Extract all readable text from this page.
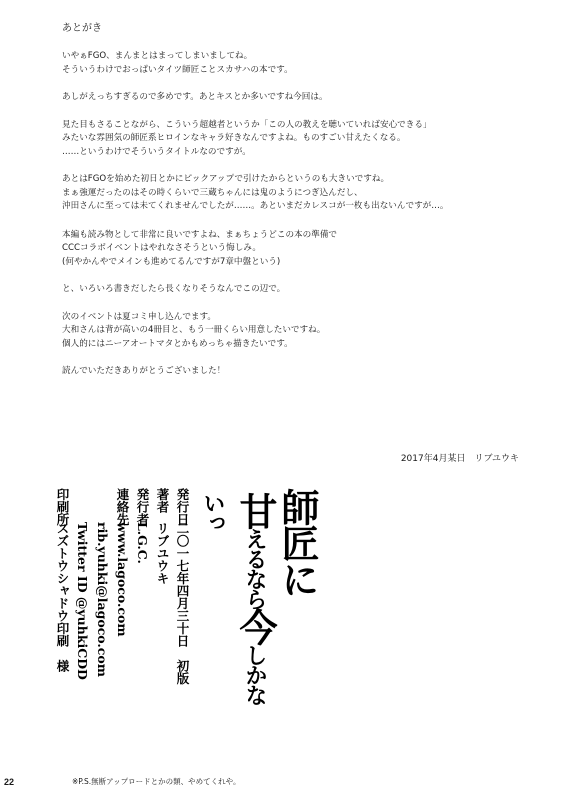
あとがき
いやぁFGO、まんまとはまってしまいましてね。
そういうわけでおっぱいタイツ師匠ことスカサハの本です。
あしがえっちすぎるので多めです。あとキスとか多いですね今回は。
見た目もさることながら、こういう超越者というか「この人の教えを聴いていれば安心できる」
みたいな雰囲気の師匠系ヒロインなキャラ好きなんですよね。ものすごい甘えたくなる。
……というわけでそういうタイトルなのですが。
あとはFGOを始めた初日とかにピックアップで引けたからというのも大きいですね。
まぁ強運だったのはその時くらいで三蔵ちゃんには鬼のようにつぎ込んだし、
沖田さんに至っては未てくれませんでしたが……。あといまだカレスコが一枚も出ないんですが…。
本編も読み物として非常に良いですよね、まぁちょうどこの本の準備で
CCCコラボイベントはやれなさそうという悔しみ。
(何やかんやでメインも進めてるんですが7章中盤という)
と、いろいろ書きだしたら長くなりそうなんでこの辺で。
次のイベントは夏コミ申し込んでます。
大和さんは背が高いの4冊目と、もう一冊くらい用意したいですね。
個人的にはニーアオートマタとかもめっちゃ描きたいです。
読んでいただきありがとうございました！
2017年4月某日　リブユウキ
師匠に
甘えるなら今しかないっ
発行日二〇一七年四月三十日　初版
著者リブユウキ
発行者L.G.C.
連絡先www.lagoco.com
rib.yuhki@lagoco.com
Twitter ID @yuhkiCDD
印刷所スズトウシャドウ印刷　様
22	※P.S.無断アップロードとかの類、やめてくれや。
